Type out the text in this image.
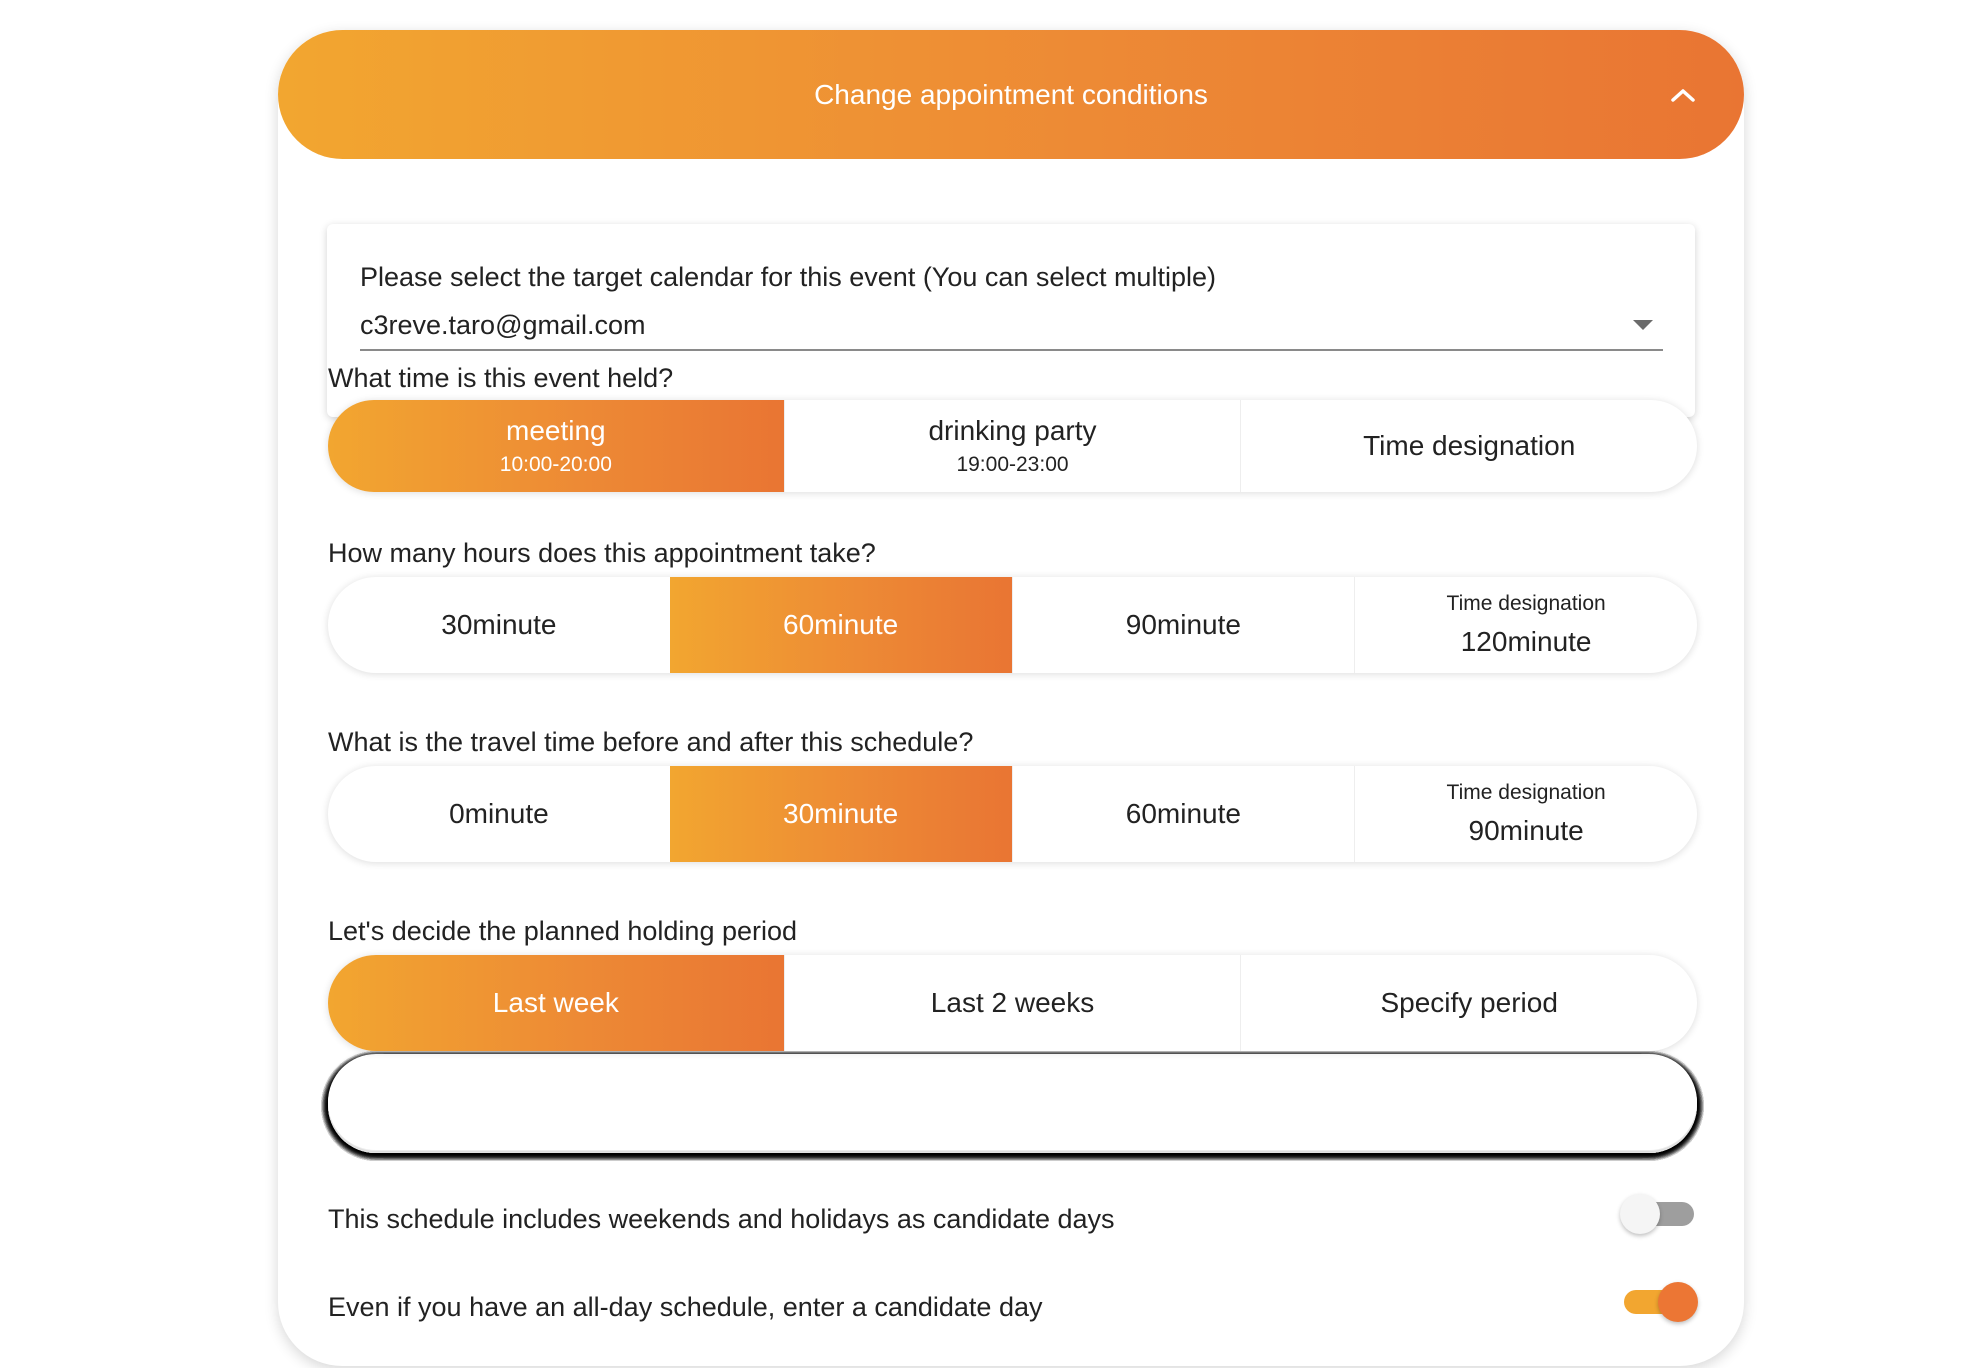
Change appointment conditions
Please select the target calendar for this event (You can select multiple)
c3reve.taro@gmail.com
What time is this event held?
meeting
10:00-20:00
drinking party
19:00-23:00
Time designation
How many hours does this appointment take?
30minute	60minute	90minute
Time designation
120minute
What is the travel time before and after this schedule?
0minute	30minute	60minute
Time designation
90minute
Let's decide the planned holding period
Last week	Last 2 weeks	Specify period
This schedule includes weekends and holidays as candidate days
Even if you have an all-day schedule, enter a candidate day
